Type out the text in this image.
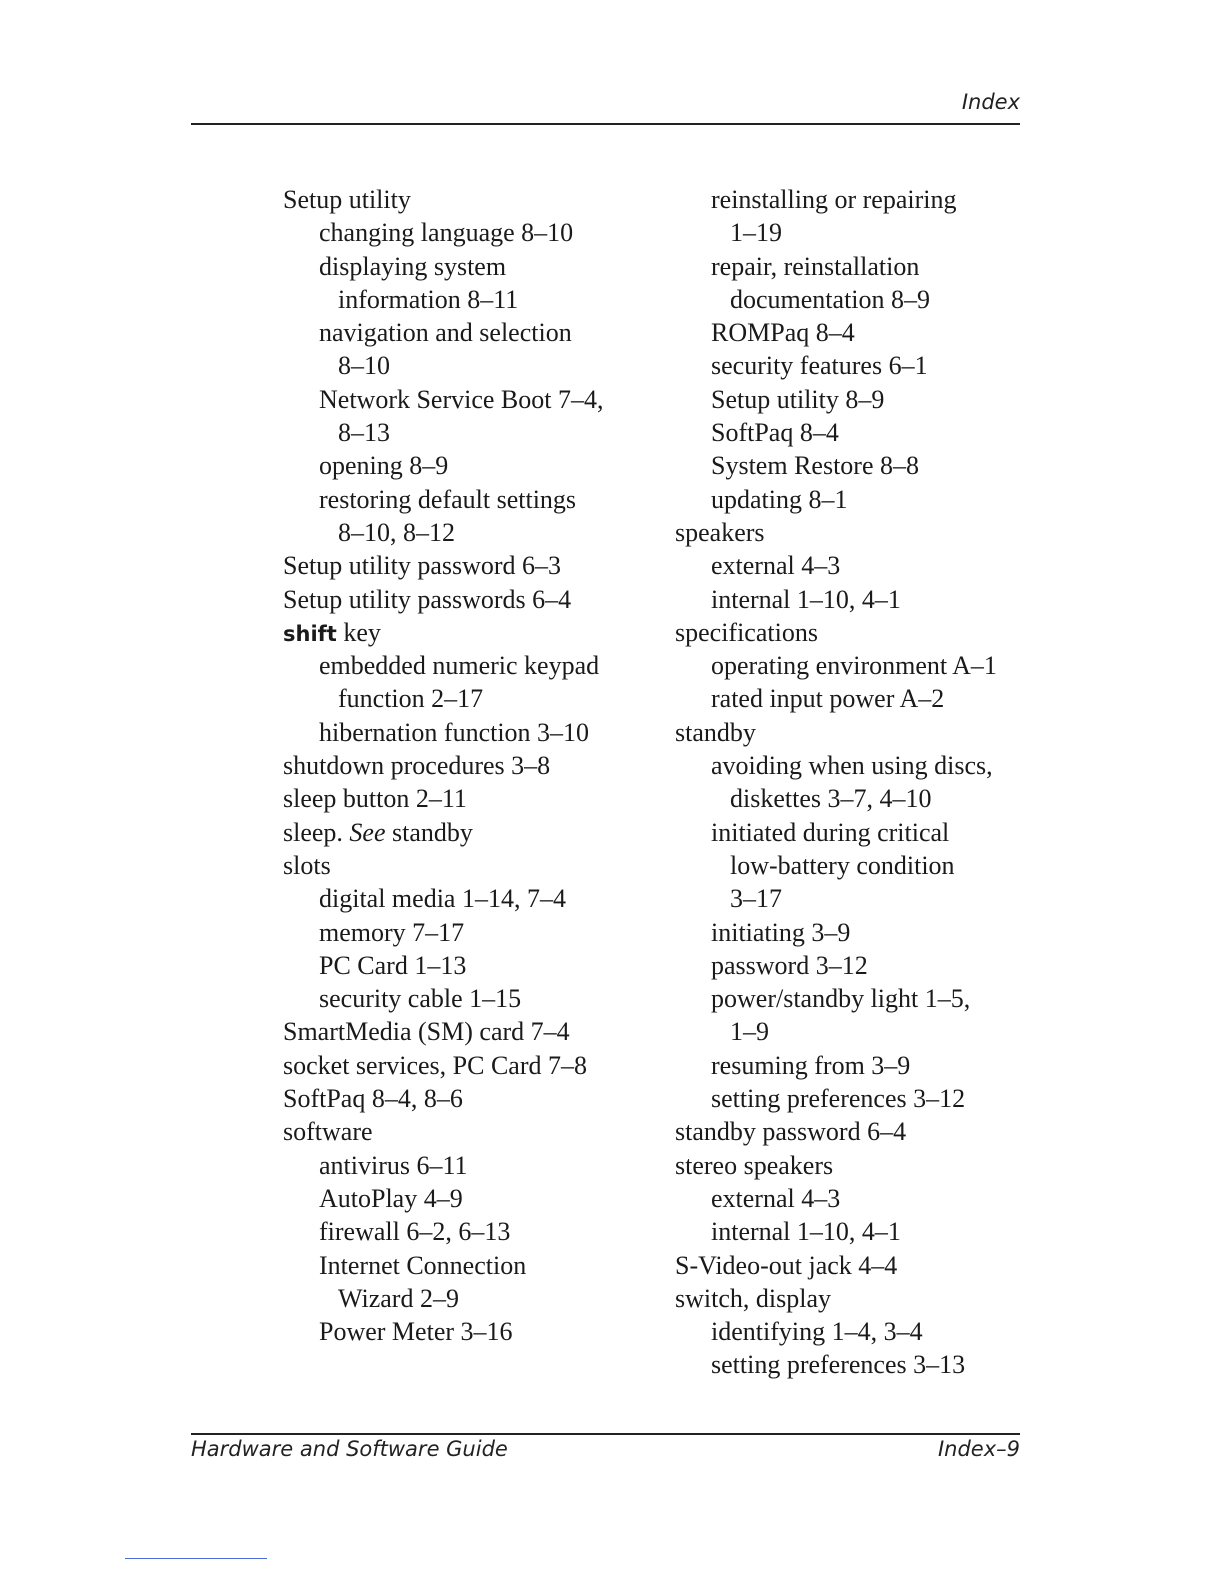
Index
Setup utility
changing language 8–10
displaying system
information 8–11
navigation and selection
8–10
Network Service Boot 7–4,
8–13
opening 8–9
restoring default settings
8–10, 8–12
Setup utility password 6–3
Setup utility passwords 6–4
shift key
embedded numeric keypad
function 2–17
hibernation function 3–10
shutdown procedures 3–8
sleep button 2–11
sleep. See standby
slots
digital media 1–14, 7–4
memory 7–17
PC Card 1–13
security cable 1–15
SmartMedia (SM) card 7–4
socket services, PC Card 7–8
SoftPaq 8–4, 8–6
software
antivirus 6–11
AutoPlay 4–9
firewall 6–2, 6–13
Internet Connection
Wizard 2–9
Power Meter 3–16
reinstalling or repairing
1–19
repair, reinstallation
documentation 8–9
ROMPaq 8–4
security features 6–1
Setup utility 8–9
SoftPaq 8–4
System Restore 8–8
updating 8–1
speakers
external 4–3
internal 1–10, 4–1
specifications
operating environment A–1
rated input power A–2
standby
avoiding when using discs,
diskettes 3–7, 4–10
initiated during critical
low-battery condition
3–17
initiating 3–9
password 3–12
power/standby light 1–5,
1–9
resuming from 3–9
setting preferences 3–12
standby password 6–4
stereo speakers
external 4–3
internal 1–10, 4–1
S-Video-out jack 4–4
switch, display
identifying 1–4, 3–4
setting preferences 3–13
Hardware and Software Guide	Index–9
